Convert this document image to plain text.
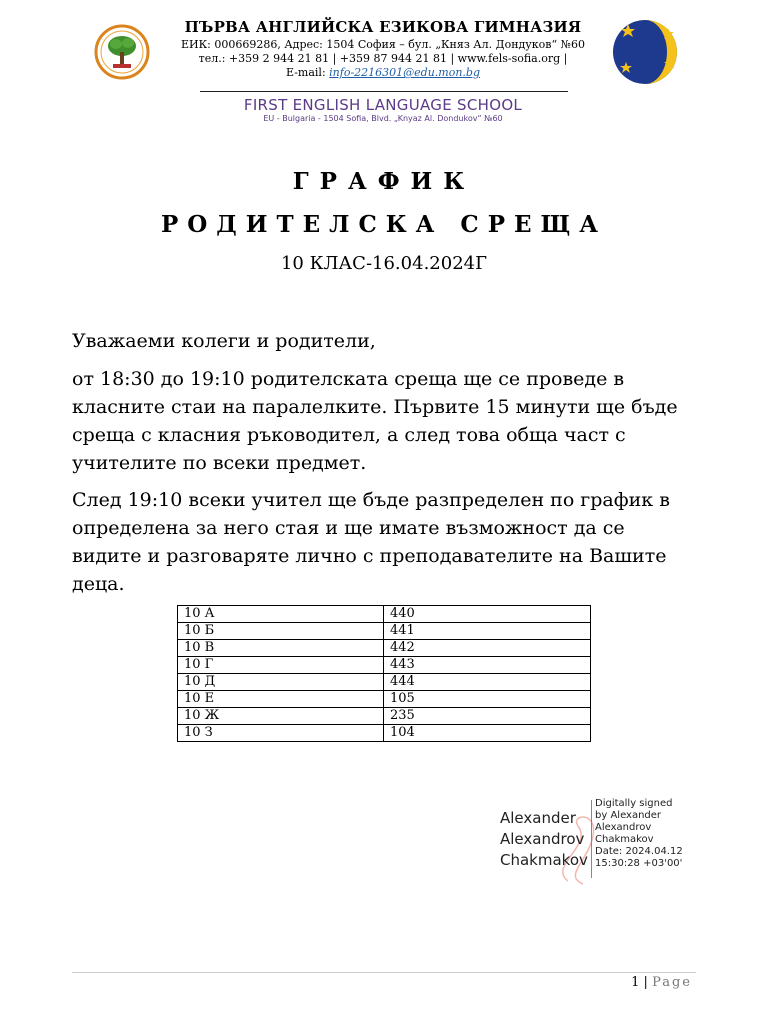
ПЪРВА АНГЛИЙСКА ЕЗИКОВА ГИМНАЗИЯ
ЕИК: 000669286, Адрес: 1504 София – бул. „Княз Ал. Дондуков“ №60
тел.: +359 2 944 21 81 | +359 87 944 21 81 | www.fels-sofia.org |
E-mail: info-2216301@edu.mon.bg
FIRST ENGLISH LANGUAGE SCHOOL
EU - Bulgaria - 1504 Sofia, Blvd. „Knyaz Al. Dondukov“ №60
ГРАФИК
РОДИТЕЛСКА СРЕЩА
10 КЛАС-16.04.2024Г

Уважаеми колеги и родители,

от 18:30 до 19:10 родителската среща ще се проведе в класните стаи на паралелките. Първите 15 минути ще бъде среща с класния ръководител, а след това обща част с учителите по всеки предмет.

След 19:10 всеки учител ще бъде разпределен по график в определена за него стая и ще имате възможност да се видите и разговаряте лично с преподавателите на Вашите деца.

10 А	440
10 Б	441
10 В	442
10 Г	443
10 Д	444
10 Е	105
10 Ж	235
10 З	104
Alexander
Alexandrov
Chakmakov
Digitally signed
by Alexander
Alexandrov
Chakmakov
Date: 2024.04.12
15:30:28 +03'00'
1 | Page
